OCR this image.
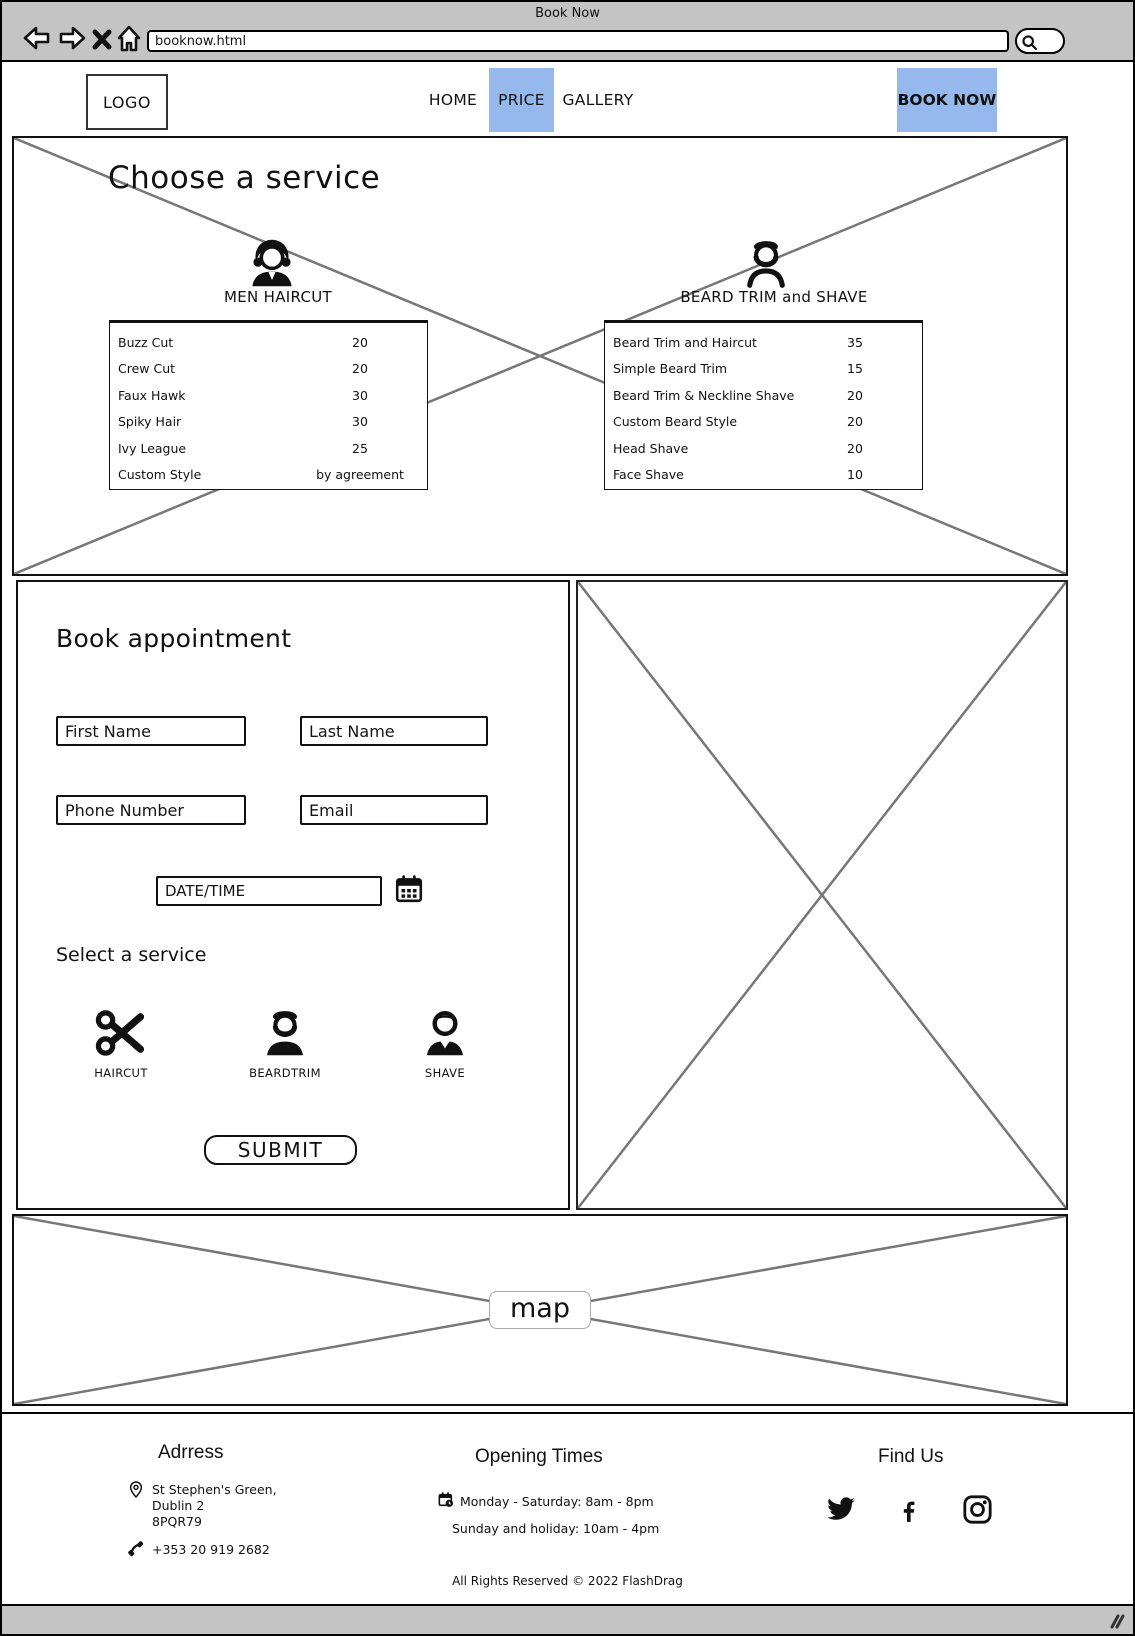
Book Now
booknow.html
LOGO	HOME	PRICE	GALLERY	BOOK NOW
Choose a service
MEN HAIRCUT
Buzz Cut	20
Crew Cut	20
Faux Hawk	30
Spiky Hair	30
Ivy League	25
Custom Style	by agreement
BEARD TRIM and SHAVE
Beard Trim and Haircut	35
Simple Beard Trim	15
Beard Trim & Neckline Shave	20
Custom Beard Style	20
Head Shave	20
Face Shave	10
Book appointment
First Name
Last Name
Phone Number
Email
DATE/TIME
Select a service
HAIRCUT	BEARDTRIM	SHAVE
SUBMIT
map
Adrress
St Stephen's Green,
Dublin 2
8PQR79
+353 20 919 2682
Opening Times
Monday - Saturday: 8am - 8pm
Sunday and holiday: 10am - 4pm
Find Us
All Rights Reserved © 2022 FlashDrag
